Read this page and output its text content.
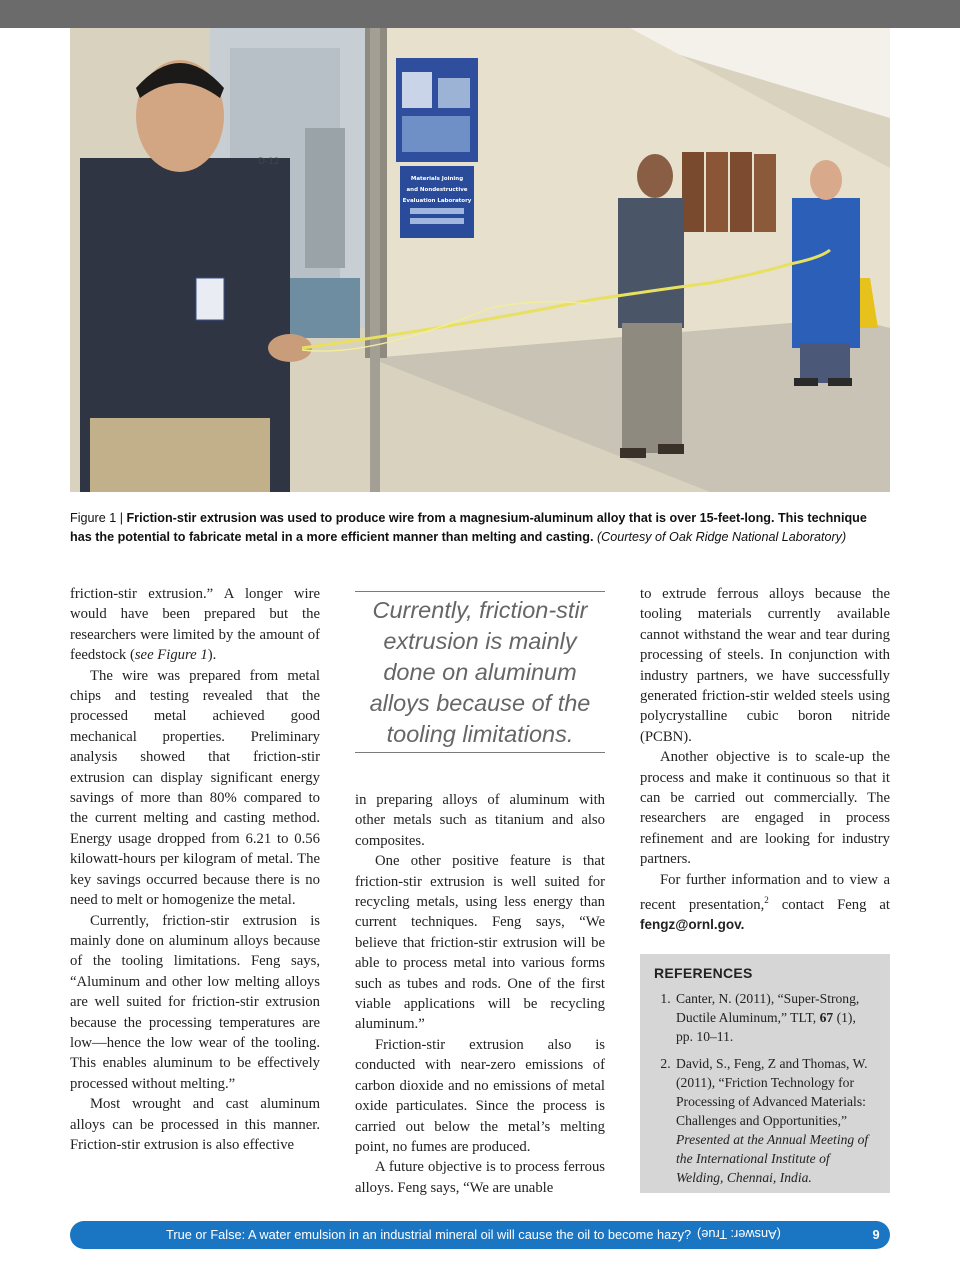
Materials Joining
and Nondestructive
Evaluation Laboratory
D-12
Figure 1 | Friction-stir extrusion was used to produce wire from a magnesium-aluminum alloy that is over 15-feet-long. This technique has the potential to fabricate metal in a more efficient manner than melting and casting. (Courtesy of Oak Ridge National Laboratory)

friction-stir extrusion.” A longer wire would have been prepared but the researchers were limited by the amount of feedstock (see Figure 1).

The wire was prepared from metal chips and testing revealed that the processed metal achieved good mechanical properties. Preliminary analysis showed that friction-stir extrusion can display significant energy savings of more than 80% compared to the current melting and casting method. Energy usage dropped from 6.21 to 0.56 kilowatt-hours per kilogram of metal. The key savings occurred because there is no need to melt or homogenize the metal.

Currently, friction-stir extrusion is mainly done on aluminum alloys because of the tooling limitations. Feng says, “Aluminum and other low melting alloys are well suited for friction-stir extrusion because the processing temperatures are low—hence the low wear of the tooling. This enables aluminum to be effectively processed without melting.”

Most wrought and cast aluminum alloys can be processed in this manner. Friction-stir extrusion is also effective

Currently, friction-stir extrusion is mainly done on aluminum alloys because of the tooling limitations.

in preparing alloys of aluminum with other metals such as titanium and also composites.

One other positive feature is that friction-stir extrusion is well suited for recycling metals, using less energy than current techniques. Feng says, “We believe that friction-stir extrusion will be able to process metal into various forms such as tubes and rods. One of the first viable applications will be recycling aluminum.”

Friction-stir extrusion also is conducted with near-zero emissions of carbon dioxide and no emissions of metal oxide particulates. Since the process is carried out below the metal’s melting point, no fumes are produced.

A future objective is to process ferrous alloys. Feng says, “We are unable

to extrude ferrous alloys because the tooling materials currently available cannot withstand the wear and tear during processing of steels. In conjunction with industry partners, we have successfully generated friction-stir welded steels using polycrystalline cubic boron nitride (PCBN).

Another objective is to scale-up the process and make it continuous so that it can be carried out commercially. The researchers are engaged in process refinement and are looking for industry partners.

For further information and to view a recent presentation,$^2$ contact Feng at fengz@ornl.gov.

REFERENCES
1. Canter, N. (2011), “Super-Strong, Ductile Aluminum,” TLT, 67 (1), pp. 10–11.
2. David, S., Feng, Z and Thomas, W. (2011), “Friction Technology for Processing of Advanced Materials: Challenges and Opportunities,” Presented at the Annual Meeting of the International Institute of Welding, Chennai, India.
True or False: A water emulsion in an industrial mineral oil will cause the oil to become hazy? (Answer: True)	9
